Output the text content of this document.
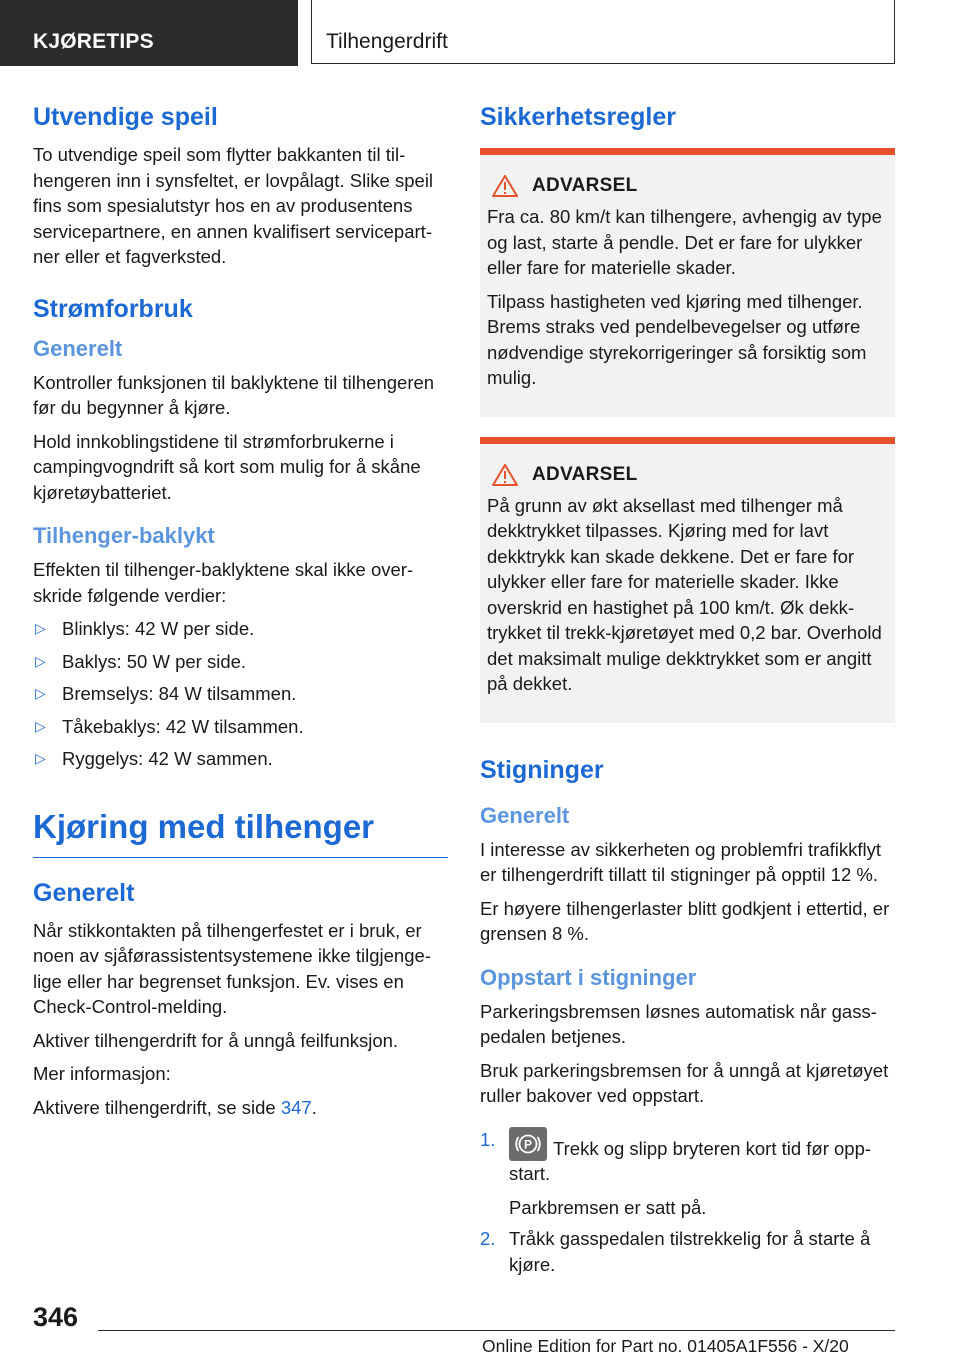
KJØRETIPS	Tilhengerdrift
Utvendige speil

To utvendige speil som flytter bakkanten til tilhengeren inn i synsfeltet, er lovpålagt. Slike speil fins som spesialutstyr hos en av produsentens servicepartnere, en annen kvalifisert servicepartner eller et fagverksted.

Strømforbruk
Generelt

Kontroller funksjonen til baklyktene til tilhengeren før du begynner å kjøre.

Hold innkoblingstidene til strømforbrukerne i campingvogndrift så kort som mulig for å skåne kjøretøybatteriet.

Tilhenger-baklykt

Effekten til tilhenger-baklyktene skal ikke overskride følgende verdier:

▷ Blinklys: 42 W per side.
▷ Baklys: 50 W per side.
▷ Bremselys: 84 W tilsammen.
▷ Tåkebaklys: 42 W tilsammen.
▷ Ryggelys: 42 W sammen.
Kjøring med tilhenger
Generelt

Når stikkontakten på tilhengerfestet er i bruk, er noen av sjåførassistentsystemene ikke tilgjengelige eller har begrenset funksjon. Ev. vises en Check-Control-melding.

Aktiver tilhengerdrift for å unngå feilfunksjon.

Mer informasjon:

Aktivere tilhengerdrift, se side 347.

Sikkerhetsregler
ADVARSEL

Fra ca. 80 km/t kan tilhengere, avhengig av type og last, starte å pendle. Det er fare for ulykker eller fare for materielle skader.

Tilpass hastigheten ved kjøring med tilhenger. Brems straks ved pendelbevegelser og utføre nødvendige styrekorrigeringer så forsiktig som mulig.

ADVARSEL

På grunn av økt aksellast med tilhenger må dekktrykket tilpasses. Kjøring med for lavt dekktrykk kan skade dekkene. Det er fare for ulykker eller fare for materielle skader. Ikke overskrid en hastighet på 100 km/t. Øk dekktrykket til trekk-kjøretøyet med 0,2 bar. Overhold det maksimalt mulige dekktrykket som er angitt på dekket.

Stigninger
Generelt

I interesse av sikkerheten og problemfri trafikkflyt er tilhengerdrift tillatt til stigninger på opptil 12 %.

Er høyere tilhengerlaster blitt godkjent i ettertid, er grensen 8 %.

Oppstart i stigninger

Parkeringsbremsen løsnes automatisk når gasspedalen betjenes.

Bruk parkeringsbremsen for å unngå at kjøretøyet ruller bakover ved oppstart.

1. P Trekk og slipp bryteren kort tid før oppstart.
Parkbremsen er satt på.
2. Tråkk gasspedalen tilstrekkelig for å starte å kjøre.
346
Online Edition for Part no. 01405A1F556 - X/20
